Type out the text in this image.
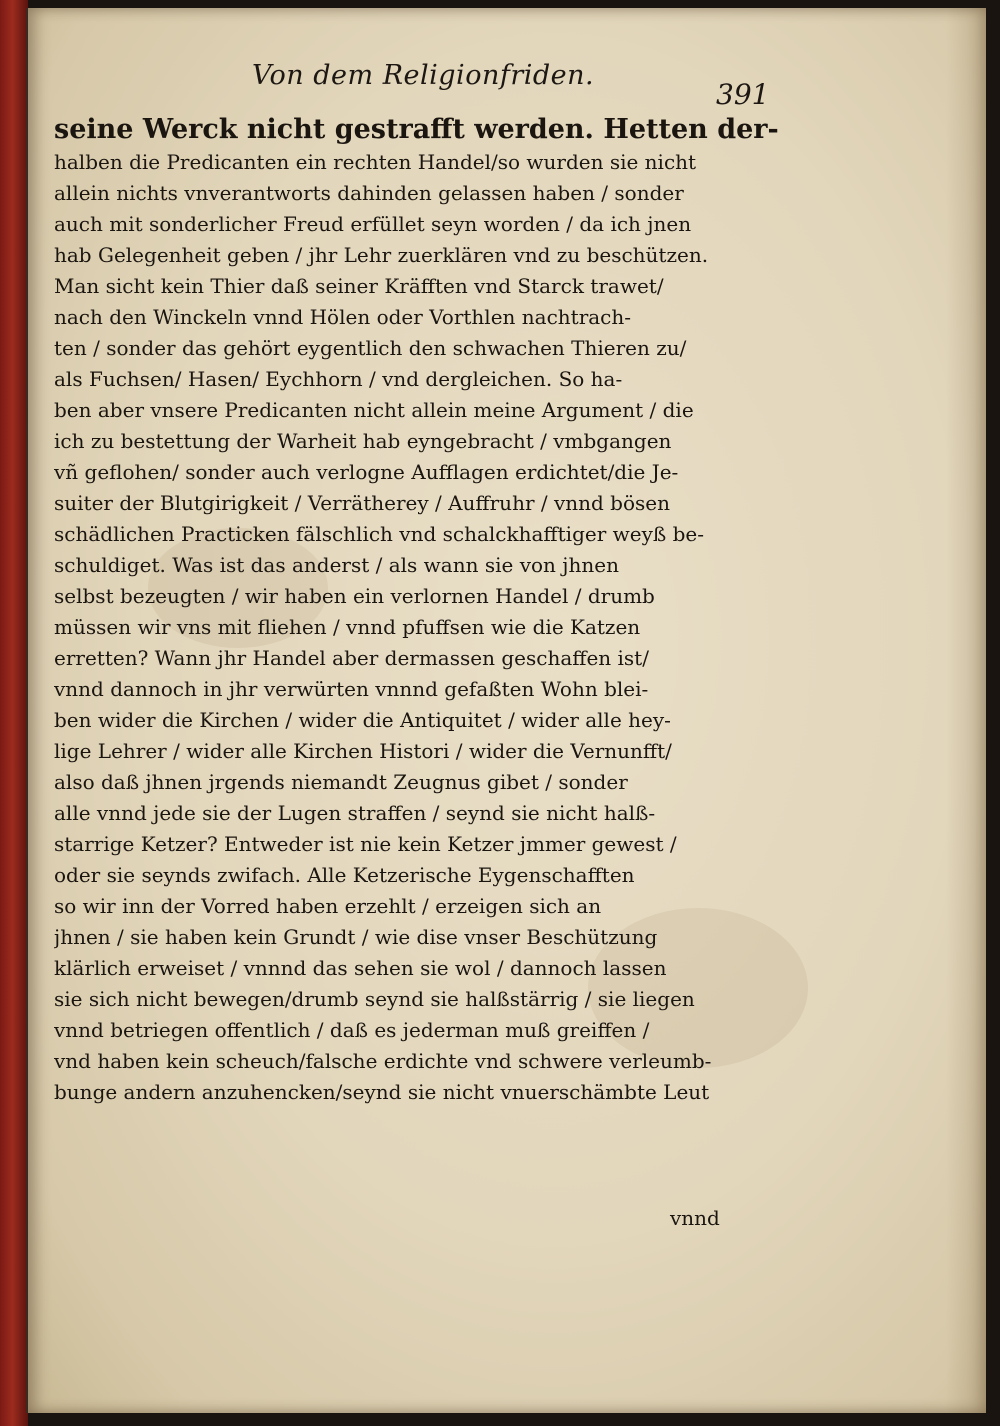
Von dem Religionfriden.
391
seine Werck nicht gestrafft werden. Hetten der-
halben die Predicanten ein rechten Handel/so wurden sie nicht
allein nichts vnverantworts dahinden gelassen haben / sonder
auch mit sonderlicher Freud erfüllet seyn worden / da ich jnen
hab Gelegenheit geben / jhr Lehr zuerklären vnd zu beschützen.
Man sicht kein Thier daß seiner Kräfften vnd Starck trawet/
nach den Winckeln vnnd Hölen oder Vorthlen nachtrach-
ten / sonder das gehört eygentlich den schwachen Thieren zu/
als Fuchsen/ Hasen/ Eychhorn / vnd dergleichen. So ha-
ben aber vnsere Predicanten nicht allein meine Argument / die
ich zu bestettung der Warheit hab eyngebracht / vmbgangen
vñ geflohen/ sonder auch verlogne Aufflagen erdichtet/die Je-
suiter der Blutgirigkeit / Verrätherey / Auffruhr / vnnd bösen
schädlichen Practicken fälschlich vnd schalckhafftiger weyß be-
schuldiget. Was ist das anderst / als wann sie von jhnen
selbst bezeugten / wir haben ein verlornen Handel / drumb
müssen wir vns mit fliehen / vnnd pfuffsen wie die Katzen
erretten? Wann jhr Handel aber dermassen geschaffen ist/
vnnd dannoch in jhr verwürten vnnnd gefaßten Wohn blei-
ben wider die Kirchen / wider die Antiquitet / wider alle hey-
lige Lehrer / wider alle Kirchen Histori / wider die Vernunfft/
also daß jhnen jrgends niemandt Zeugnus gibet / sonder
alle vnnd jede sie der Lugen straffen / seynd sie nicht halß-
starrige Ketzer? Entweder ist nie kein Ketzer jmmer gewest /
oder sie seynds zwifach. Alle Ketzerische Eygenschafften
so wir inn der Vorred haben erzehlt / erzeigen sich an
jhnen / sie haben kein Grundt / wie dise vnser Beschützung
klärlich erweiset / vnnnd das sehen sie wol / dannoch lassen
sie sich nicht bewegen/drumb seynd sie halßstärrig / sie liegen
vnnd betriegen offentlich / daß es jederman muß greiffen /
vnd haben kein scheuch/falsche erdichte vnd schwere verleumb-
bunge andern anzuhencken/seynd sie nicht vnuerschämbte Leut
vnnd
